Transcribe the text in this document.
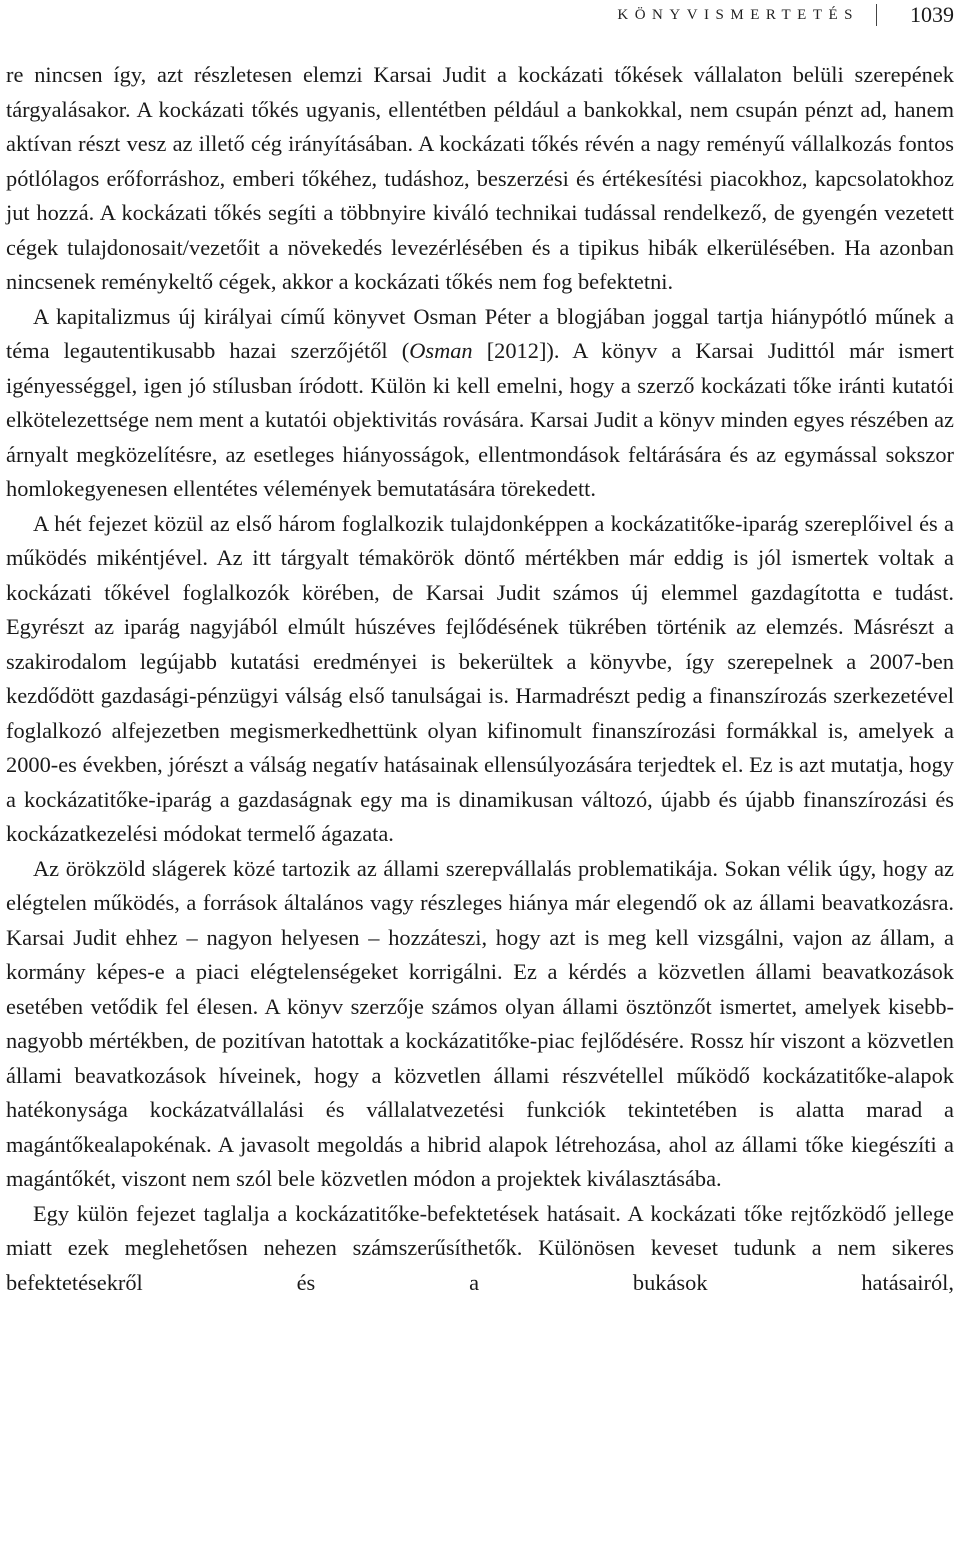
KÖNYVISMERTETÉS 1039

re nincsen így, azt részletesen elemzi Karsai Judit a kockázati tőkések vállalaton belüli szerepének tárgyalásakor. A kockázati tőkés ugyanis, ellentétben például a bankokkal, nem csupán pénzt ad, hanem aktívan részt vesz az illető cég irányításában. A kockázati tőkés révén a nagy reményű vállalkozás fontos pótlólagos erőforráshoz, emberi tőkéhez, tudáshoz, beszerzési és értékesítési piacokhoz, kapcsolatokhoz jut hozzá. A kockázati tőkés segíti a többnyire kiváló technikai tudással rendelkező, de gyengén vezetett cégek tulajdonosait/vezetőit a növekedés levezérlésében és a tipikus hibák elkerülésében. Ha azonban nincsenek reménykeltő cégek, akkor a kockázati tőkés nem fog befektetni.

A kapitalizmus új királyai című könyvet Osman Péter a blogjában joggal tartja hiánypótló műnek a téma legautentikusabb hazai szerzőjétől (Osman [2012]). A könyv a Karsai Judittól már ismert igényességgel, igen jó stílusban íródott. Külön ki kell emelni, hogy a szerző kockázati tőke iránti kutatói elkötelezettsége nem ment a kutatói objektivitás rovására. Karsai Judit a könyv minden egyes részében az árnyalt megközelítésre, az esetleges hiányosságok, ellentmondások feltárására és az egymással sokszor homlokegyenesen ellentétes vélemények bemutatására törekedett.

A hét fejezet közül az első három foglalkozik tulajdonképpen a kockázatitőke-iparág szereplőivel és a működés mikéntjével. Az itt tárgyalt témakörök döntő mértékben már eddig is jól ismertek voltak a kockázati tőkével foglalkozók körében, de Karsai Judit számos új elemmel gazdagította e tudást. Egyrészt az iparág nagyjából elmúlt húszéves fejlődésének tükrében történik az elemzés. Másrészt a szakirodalom legújabb kutatási eredményei is bekerültek a könyvbe, így szerepelnek a 2007-ben kezdődött gazdasági-pénzügyi válság első tanulságai is. Harmadrészt pedig a finanszírozás szerkezetével foglalkozó alfejezetben megismerkedhettünk olyan kifinomult finanszírozási formákkal is, amelyek a 2000-es években, jórészt a válság negatív hatásainak ellensúlyozására terjedtek el. Ez is azt mutatja, hogy a kockázatitőke-iparág a gazdaságnak egy ma is dinamikusan változó, újabb és újabb finanszírozási és kockázatkezelési módokat termelő ágazata.

Az örökzöld slágerek közé tartozik az állami szerepvállalás problematikája. Sokan vélik úgy, hogy az elégtelen működés, a források általános vagy részleges hiánya már elegendő ok az állami beavatkozásra. Karsai Judit ehhez – nagyon helyesen – hozzáteszi, hogy azt is meg kell vizsgálni, vajon az állam, a kormány képes-e a piaci elégtelenségeket korrigálni. Ez a kérdés a közvetlen állami beavatkozások esetében vetődik fel élesen. A könyv szerzője számos olyan állami ösztönzőt ismertet, amelyek kisebb-nagyobb mértékben, de pozitívan hatottak a kockázatitőke-piac fejlődésére. Rossz hír viszont a közvetlen állami beavatkozások híveinek, hogy a közvetlen állami részvétellel működő kockázatitőke-alapok hatékonysága kockázatvállalási és vállalatvezetési funkciók tekintetében is alatta marad a magántőkealapokénak. A javasolt megoldás a hibrid alapok létrehozása, ahol az állami tőke kiegészíti a magántőkét, viszont nem szól bele közvetlen módon a projektek kiválasztásába.

Egy külön fejezet taglalja a kockázatitőke-befektetések hatásait. A kockázati tőke rejtőzködő jellege miatt ezek meglehetősen nehezen számszerűsíthetők. Különösen keveset tudunk a nem sikeres befektetésekről és a bukások hatásairól,
